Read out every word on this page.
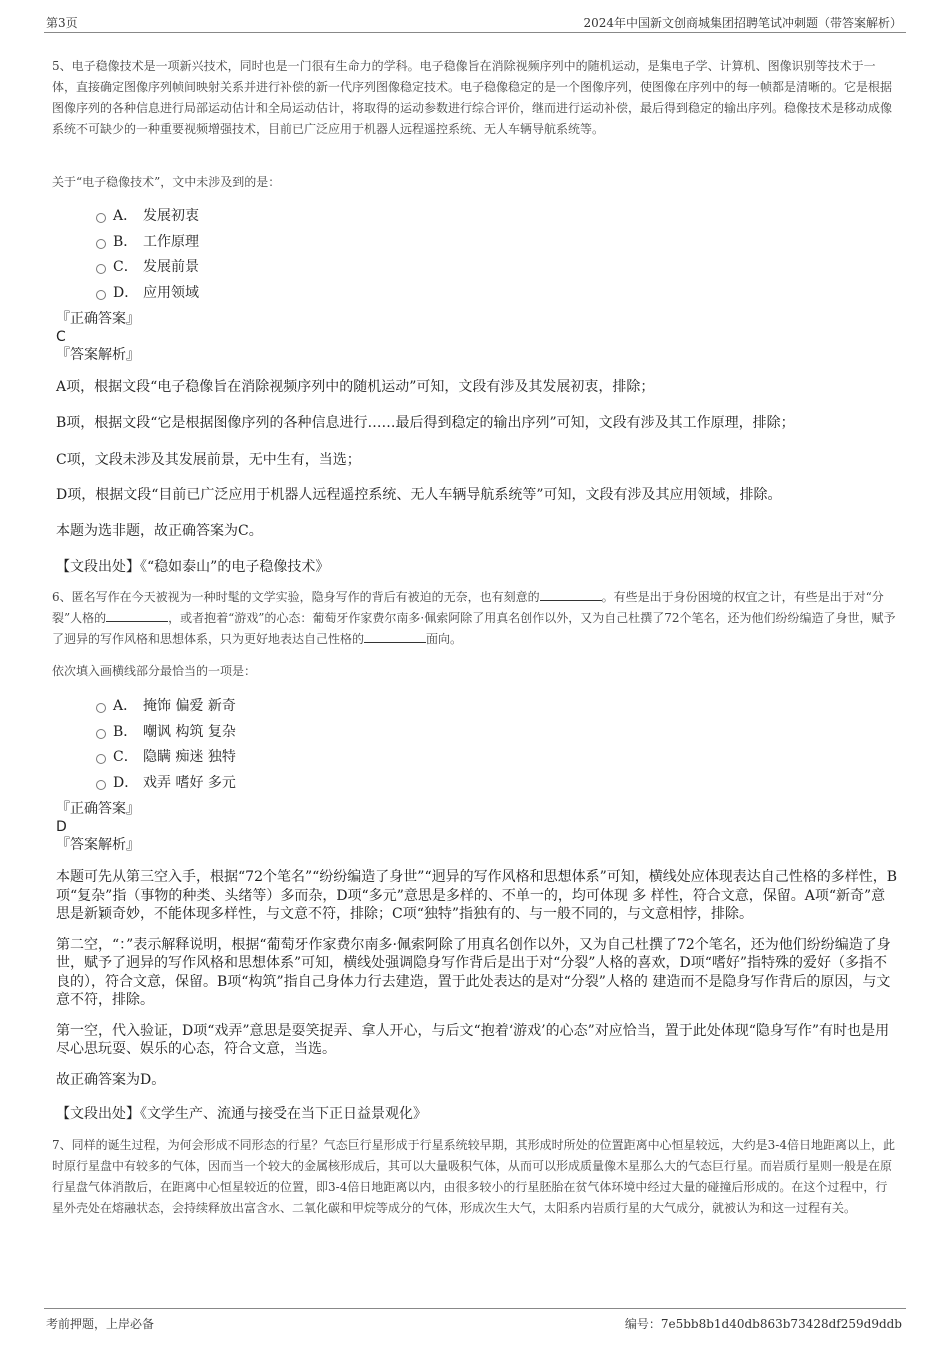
第3页	2024年中国新文创商城集团招聘笔试冲刺题（带答案解析）

5、电子稳像技术是一项新兴技术，同时也是一门很有生命力的学科。电子稳像旨在消除视频序列中的随机运动，是集电子学、计算机、图像识别等技术于一体，直接确定图像序列帧间映射关系并进行补偿的新一代序列图像稳定技术。电子稳像稳定的是一个图像序列，使图像在序列中的每一帧都是清晰的。它是根据图像序列的各种信息进行局部运动估计和全局运动估计，将取得的运动参数进行综合评价，继而进行运动补偿，最后得到稳定的输出序列。稳像技术是移动成像系统不可缺少的一种重要视频增强技术，目前已广泛应用于机器人远程遥控系统、无人车辆导航系统等。

关于“电子稳像技术”，文中未涉及到的是：

A． 发展初衷
B． 工作原理
C． 发展前景
D． 应用领域

『正确答案』

C

『答案解析』

A项，根据文段“电子稳像旨在消除视频序列中的随机运动”可知，文段有涉及其发展初衷，排除；

B项，根据文段“它是根据图像序列的各种信息进行……最后得到稳定的输出序列”可知，文段有涉及其工作原理，排除；

C项，文段未涉及其发展前景，无中生有，当选；

D项，根据文段“目前已广泛应用于机器人远程遥控系统、无人车辆导航系统等”可知，文段有涉及其应用领域，排除。

本题为选非题，故正确答案为C。

【文段出处】《“稳如泰山”的电子稳像技术》

6、匿名写作在今天被视为一种时髦的文学实验，隐身写作的背后有被迫的无奈，也有刻意的	。有些是出于身份困境的权宜之计，有些是出于对“分裂”人格的	，或者抱着“游戏”的心态：葡萄牙作家费尔南多·佩索阿除了用真名创作以外，又为自己杜撰了72个笔名，还为他们纷纷编造了身世，赋予了迥异的写作风格和思想体系，只为更好地表达自己性格的	面向。

依次填入画横线部分最恰当的一项是：

A． 掩饰 偏爱 新奇
B． 嘲讽 构筑 复杂
C． 隐瞒 痴迷 独特
D． 戏弄 嗜好 多元

『正确答案』

D

『答案解析』

本题可先从第三空入手，根据“72个笔名”“纷纷编造了身世”“迥异的写作风格和思想体系”可知，横线处应体现表达自己性格的多样性，B项“复杂”指（事物的种类、头绪等）多而杂，D项“多元”意思是多样的、不单一的，均可体现 多 样性，符合文意，保留。A项“新奇”意思是新颖奇妙，不能体现多样性，与文意不符，排除；C项“独特”指独有的、与一般不同的，与文意相悖，排除。

第二空，“：”表示解释说明，根据“葡萄牙作家费尔南多·佩索阿除了用真名创作以外，又为自己杜撰了72个笔名，还为他们纷纷编造了身世，赋予了迥异的写作风格和思想体系”可知，横线处强调隐身写作背后是出于对“分裂”人格的喜欢，D项“嗜好”指特殊的爱好（多指不良的），符合文意，保留。B项“构筑”指自己身体力行去建造，置于此处表达的是对“分裂”人格的 建造而不是隐身写作背后的原因，与文意不符，排除。

第一空，代入验证，D项“戏弄”意思是耍笑捉弄、拿人开心，与后文“抱着‘游戏’的心态”对应恰当，置于此处体现“隐身写作”有时也是用尽心思玩耍、娱乐的心态，符合文意，当选。

故正确答案为D。

【文段出处】《文学生产、流通与接受在当下正日益景观化》

7、同样的诞生过程，为何会形成不同形态的行星？气态巨行星形成于行星系统较早期，其形成时所处的位置距离中心恒星较远，大约是3-4倍日地距离以上，此时原行星盘中有较多的气体，因而当一个较大的金属核形成后，其可以大量吸积气体，从而可以形成质量像木星那么大的气态巨行星。而岩质行星则一般是在原行星盘气体消散后，在距离中心恒星较近的位置，即3-4倍日地距离以内，由很多较小的行星胚胎在贫气体环境中经过大量的碰撞后形成的。在这个过程中，行星外壳处在熔融状态，会持续释放出富含水、二氧化碳和甲烷等成分的气体，形成次生大气，太阳系内岩质行星的大气成分，就被认为和这一过程有关。

考前押题，上岸必备	编号：7e5bb8b1d40db863b73428df259d9ddb
